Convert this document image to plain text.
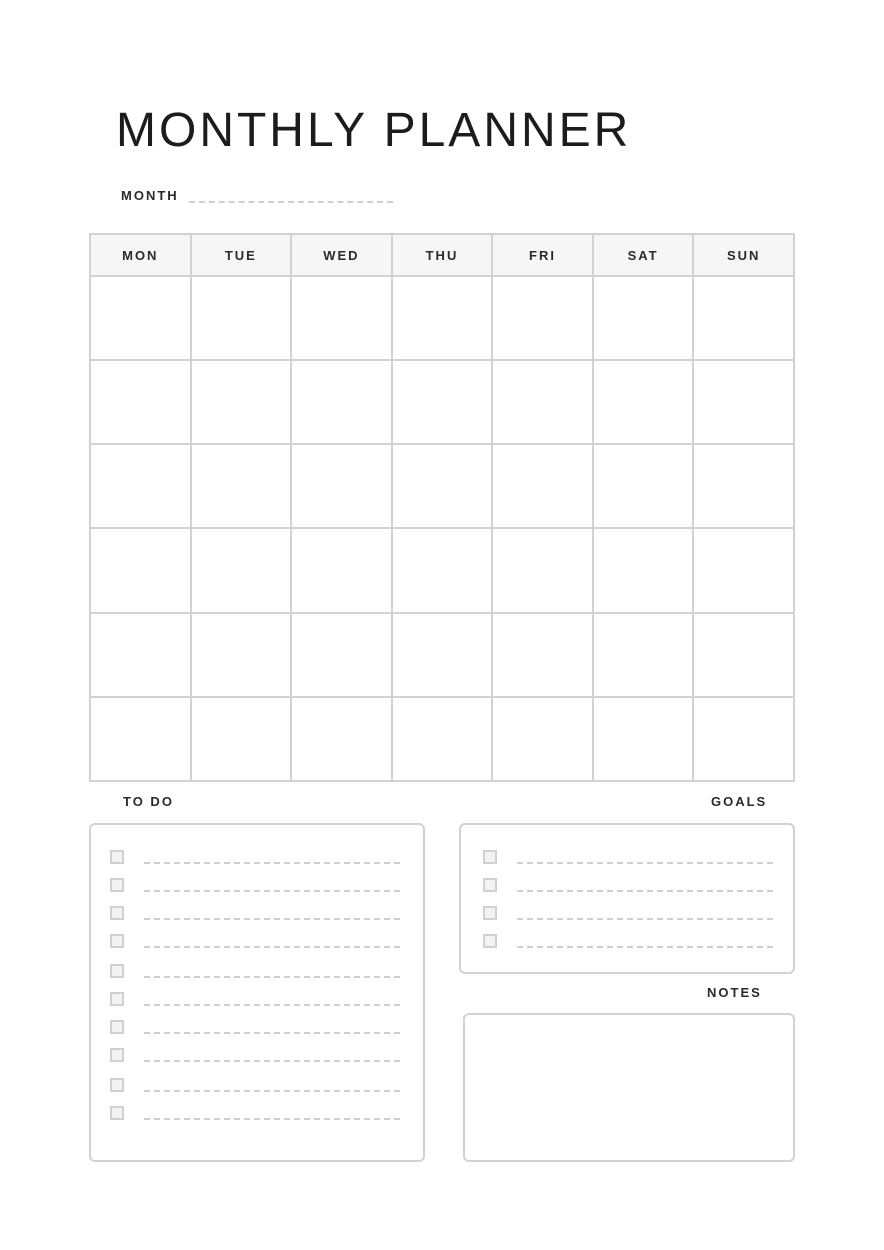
MONTHLY PLANNER
MONTH
MON	TUE	WED	THU	FRI	SAT	SUN

TO DO	GOALS
NOTES
